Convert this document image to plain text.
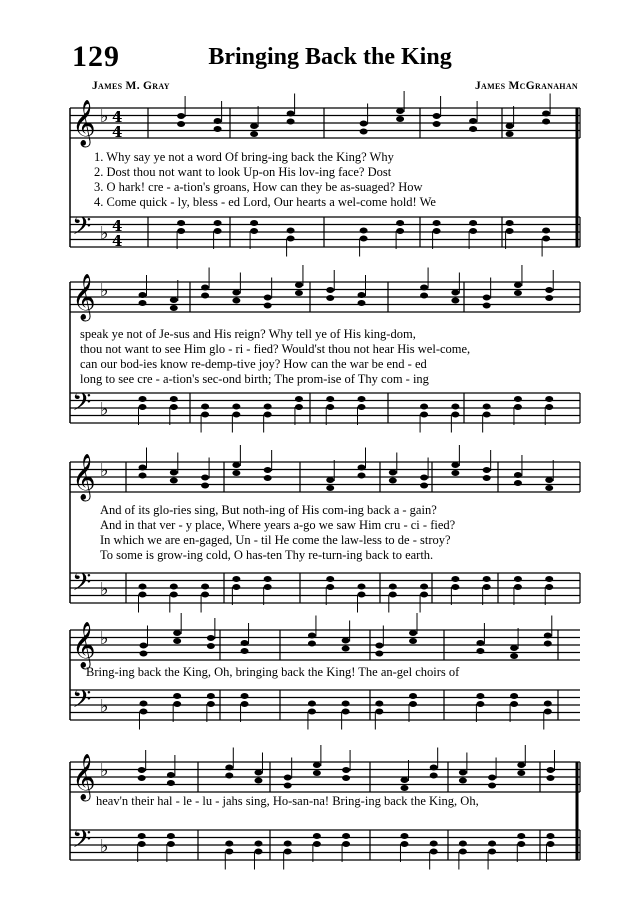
129	Bringing Back the King
James M. Gray	James McGranahan
𝄞 ♭ 4
4
𝄢 ♭ 4
4
1. Why say ye not a word Of bring-ing back the King? Why
2. Dost thou not want to look Up-on His lov-ing face? Dost
3. O hark! cre - a-tion's groans, How can they be as-suaged? How
4. Come quick - ly, bless - ed Lord, Our hearts a wel-come hold! We
𝄞 ♭
𝄢 ♭
speak ye not of Je-sus and His reign? Why tell ye of His king-dom,
thou not want to see Him glo - ri - fied? Would'st thou not hear His wel-come,
can our bod-ies know re-demp-tive joy? How can the war be end - ed
long to see cre - a-tion's sec-ond birth; The prom-ise of Thy com - ing
𝄞 ♭
𝄢 ♭
And of its glo-ries sing, But noth-ing of His com-ing back a - gain?
And in that ver - y place, Where years a-go we saw Him cru - ci - fied?
In which we are en-gaged, Un - til He come the law-less to de - stroy?
To some is grow-ing cold, O has-ten Thy re-turn-ing back to earth.
𝄞 ♭
𝄢 ♭
Bring-ing back the King, Oh, bringing back the King! The an-gel choirs of
𝄞 ♭
𝄢 ♭
heav'n their hal - le - lu - jahs sing, Ho-san-na! Bring-ing back the King, Oh,
